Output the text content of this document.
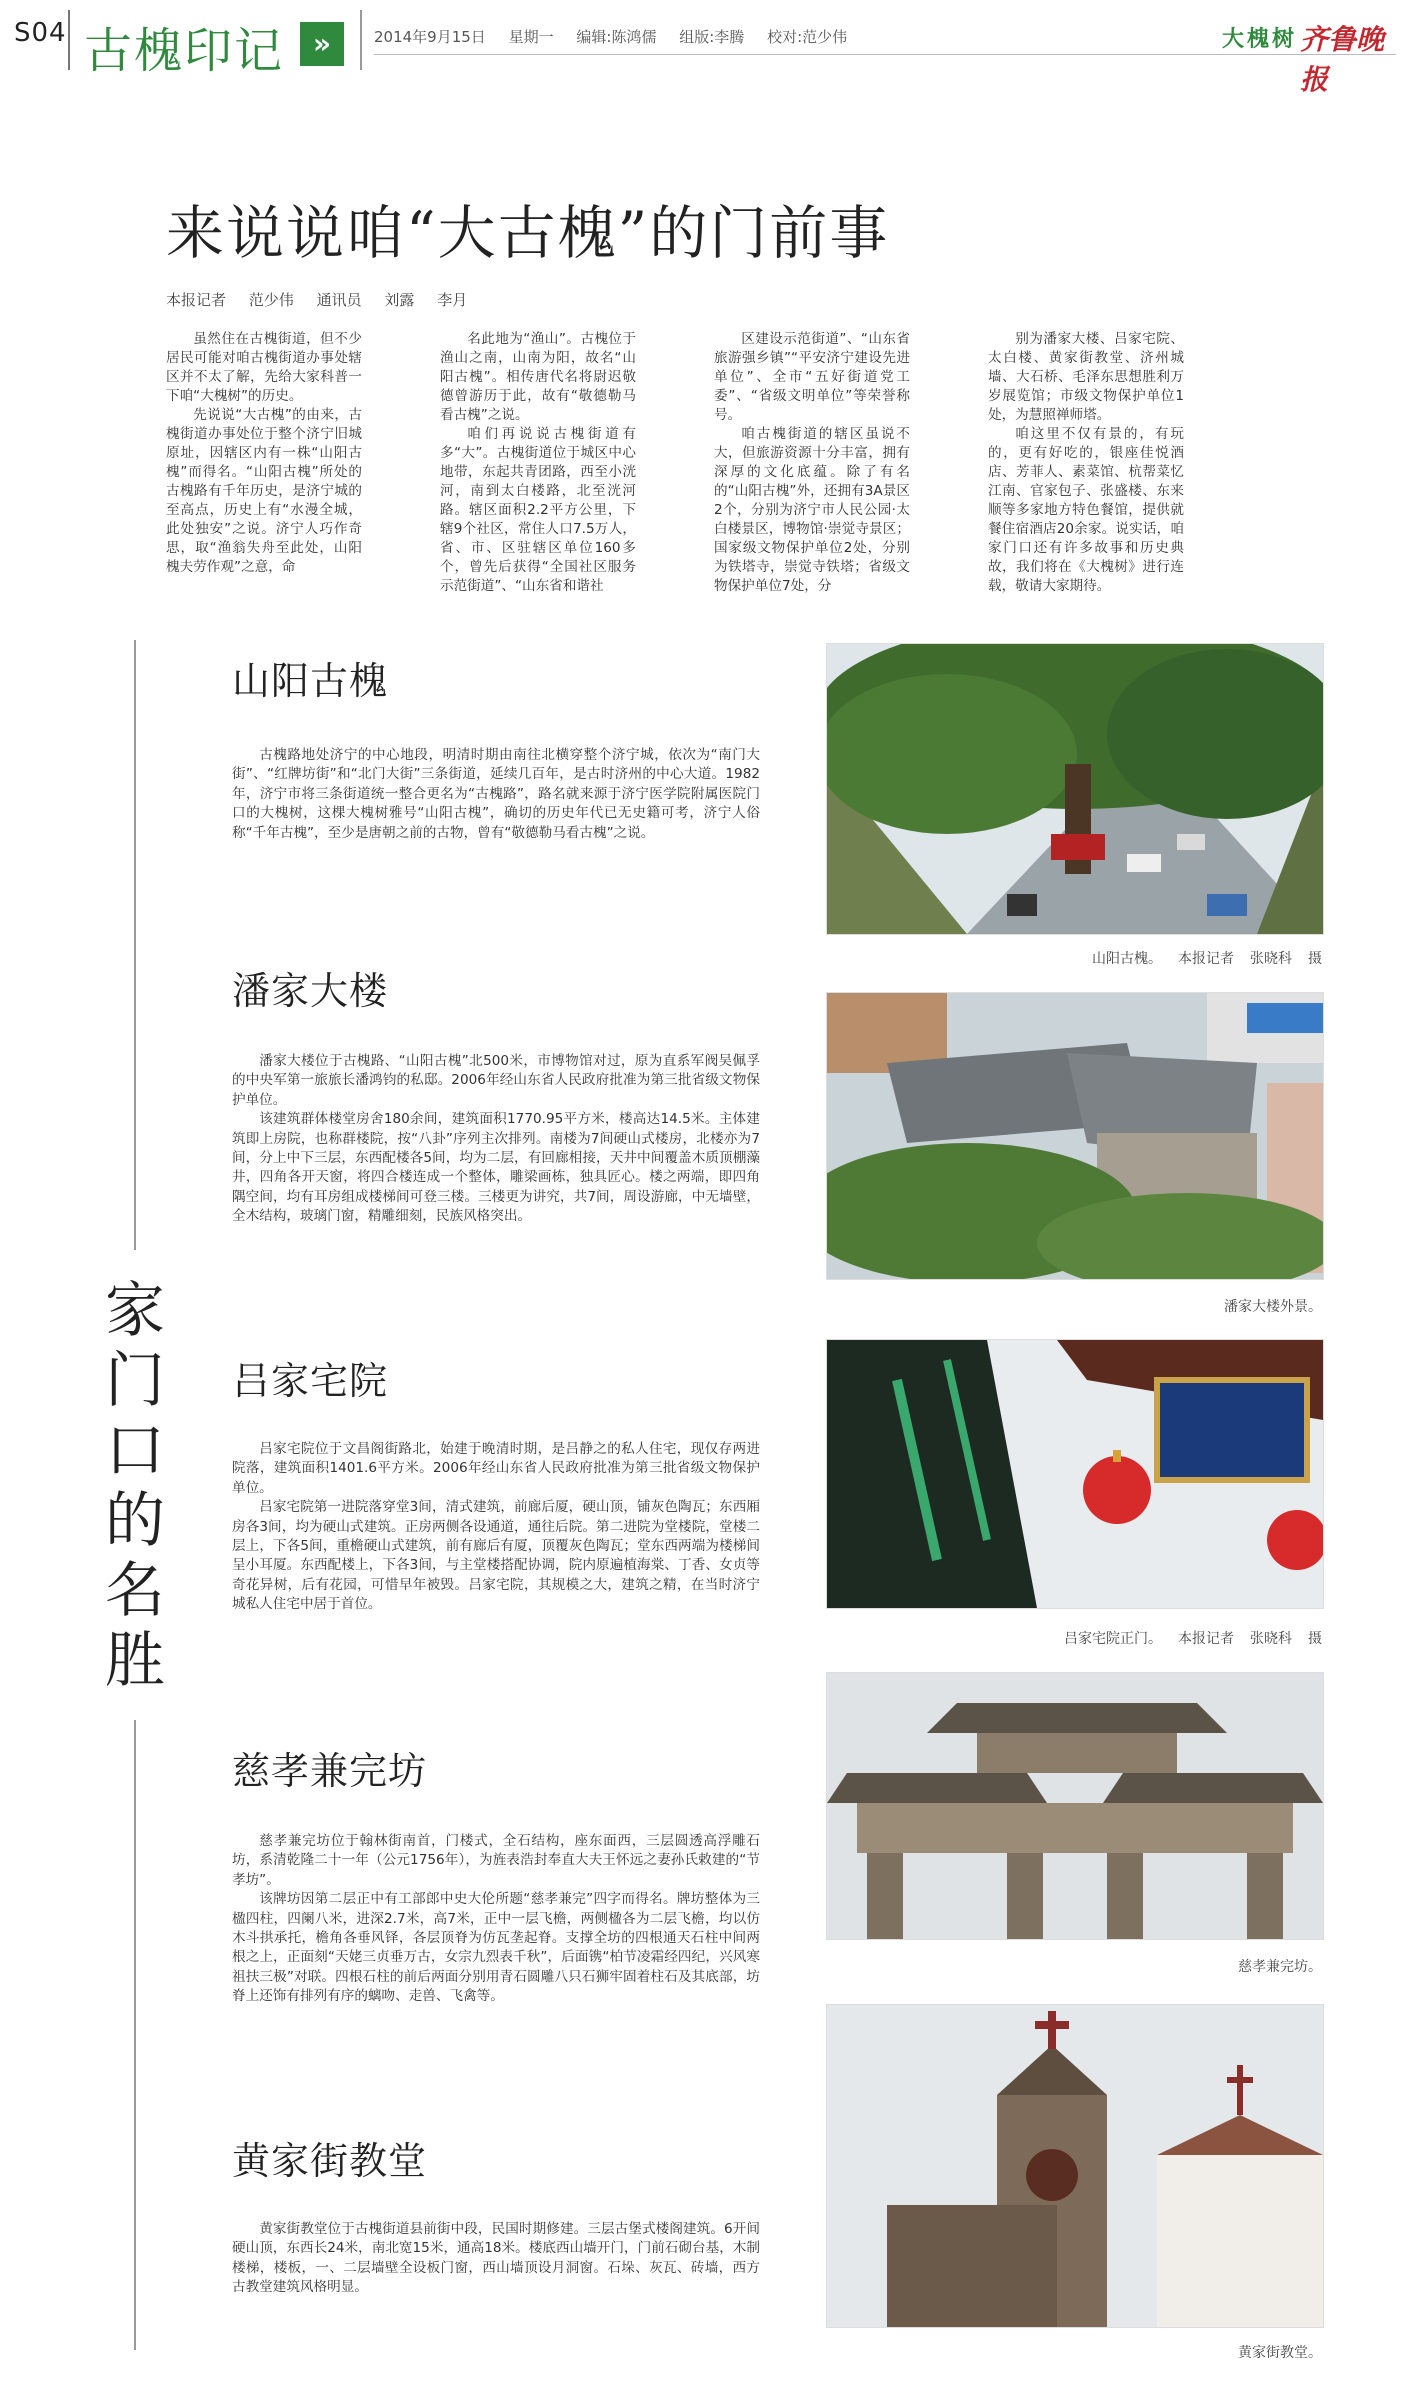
S04 古槐印记	»	2014年9月15日 星期一 编辑:陈鸿儒 组版:李腾 校对:范少伟	大槐树 齐鲁晚报
来说说咱“大古槐”的门前事
本报记者 范少伟 通讯员 刘露 李月

虽然住在古槐街道，但不少居民可能对咱古槐街道办事处辖区并不太了解，先给大家科普一下咱“大槐树”的历史。

先说说“大古槐”的由来，古槐街道办事处位于整个济宁旧城原址，因辖区内有一株“山阳古槐”而得名。“山阳古槐”所处的古槐路有千年历史，是济宁城的至高点，历史上有“水漫全城，此处独安”之说。济宁人巧作奇思，取“渔翁失舟至此处，山阳槐夫劳作观”之意，命

名此地为“渔山”。古槐位于渔山之南，山南为阳，故名“山阳古槐”。相传唐代名将尉迟敬德曾游历于此，故有“敬德勒马看古槐”之说。

咱们再说说古槐街道有多“大”。古槐街道位于城区中心地带，东起共青团路，西至小洸河，南到太白楼路，北至洸河路。辖区面积2.2平方公里，下辖9个社区，常住人口7.5万人，省、市、区驻辖区单位160多个，曾先后获得“全国社区服务示范街道”、“山东省和谐社

区建设示范街道”、“山东省旅游强乡镇”“平安济宁建设先进单位”、全市“五好街道党工委”、“省级文明单位”等荣誉称号。

咱古槐街道的辖区虽说不大，但旅游资源十分丰富，拥有深厚的文化底蕴。除了有名的“山阳古槐”外，还拥有3A景区2个，分别为济宁市人民公园·太白楼景区，博物馆·崇觉寺景区；国家级文物保护单位2处，分别为铁塔寺，崇觉寺铁塔；省级文物保护单位7处，分

别为潘家大楼、吕家宅院、太白楼、黄家街教堂、济州城墙、大石桥、毛泽东思想胜利万岁展览馆；市级文物保护单位1处，为慧照禅师塔。

咱这里不仅有景的，有玩的，更有好吃的，银座佳悦酒店、芳菲人、素菜馆、杭帮菜忆江南、官家包子、张盛楼、东来顺等多家地方特色餐馆，提供就餐住宿酒店20余家。说实话，咱家门口还有许多故事和历史典故，我们将在《大槐树》进行连载，敬请大家期待。

家
门
口
的
名
胜
山阳古槐

古槐路地处济宁的中心地段，明清时期由南往北横穿整个济宁城，依次为“南门大街”、“红牌坊街”和“北门大街”三条街道，延续几百年，是古时济州的中心大道。1982年，济宁市将三条街道统一整合更名为“古槐路”，路名就来源于济宁医学院附属医院门口的大槐树，这棵大槐树雅号“山阳古槐”，确切的历史年代已无史籍可考，济宁人俗称“千年古槐”，至少是唐朝之前的古物，曾有“敬德勒马看古槐”之说。

山阳古槐。 本报记者 张晓科 摄
潘家大楼

潘家大楼位于古槐路、“山阳古槐”北500米，市博物馆对过，原为直系军阀吴佩孚的中央军第一旅旅长潘鸿钧的私邸。2006年经山东省人民政府批准为第三批省级文物保护单位。

该建筑群体楼堂房舍180余间，建筑面积1770.95平方米，楼高达14.5米。主体建筑即上房院，也称群楼院，按“八卦”序列主次排列。南楼为7间硬山式楼房，北楼亦为7间，分上中下三层，东西配楼各5间，均为二层，有回廊相接，天井中间覆盖木质顶棚藻井，四角各开天窗，将四合楼连成一个整体，雕梁画栋，独具匠心。楼之两端，即四角隅空间，均有耳房组成楼梯间可登三楼。三楼更为讲究，共7间，周设游廊，中无墙壁，全木结构，玻璃门窗，精雕细刻，民族风格突出。

潘家大楼外景。
吕家宅院

吕家宅院位于文昌阁街路北，始建于晚清时期，是吕静之的私人住宅，现仅存两进院落，建筑面积1401.6平方米。2006年经山东省人民政府批准为第三批省级文物保护单位。

吕家宅院第一进院落穿堂3间，清式建筑，前廊后厦，硬山顶，铺灰色陶瓦；东西厢房各3间，均为硬山式建筑。正房两侧各设通道，通往后院。第二进院为堂楼院，堂楼二层上，下各5间，重檐硬山式建筑，前有廊后有厦，顶覆灰色陶瓦；堂东西两端为楼梯间呈小耳厦。东西配楼上，下各3间，与主堂楼搭配协调，院内原遍植海棠、丁香、女贞等奇花异树，后有花园，可惜早年被毁。吕家宅院，其规模之大，建筑之精，在当时济宁城私人住宅中居于首位。

吕家宅院正门。 本报记者 张晓科 摄
慈孝兼完坊

慈孝兼完坊位于翰林街南首，门楼式，全石结构，座东面西，三层圆透高浮雕石坊，系清乾隆二十一年（公元1756年），为旌表浩封奉直大夫王怀远之妻孙氏敕建的“节孝坊”。

该牌坊因第二层正中有工部郎中史大伦所题“慈孝兼完”四字而得名。牌坊整体为三楹四柱，四阑八米，进深2.7米，高7米，正中一层飞檐，两侧楹各为二层飞檐，均以仿木斗拱承托，檐角各垂风铎，各层顶脊为仿瓦垄起脊。支撑全坊的四根通天石柱中间两根之上，正面刻“天姥三贞垂万古，女宗九烈表千秋”，后面镌“柏节凌霜经四纪，兴风寒祖扶三极”对联。四根石柱的前后两面分别用青石圆雕八只石狮牢固着柱石及其底部，坊脊上还饰有排列有序的螭吻、走兽、飞禽等。

慈孝兼完坊。
黄家街教堂

黄家街教堂位于古槐街道县前街中段，民国时期修建。三层古堡式楼阁建筑。6开间硬山顶，东西长24米，南北宽15米，通高18米。楼底西山墙开门，门前石砌台基，木制楼梯，楼板，一、二层墙壁全设板门窗，西山墙顶设月洞窗。石垛、灰瓦、砖墙，西方古教堂建筑风格明显。

黄家街教堂。
